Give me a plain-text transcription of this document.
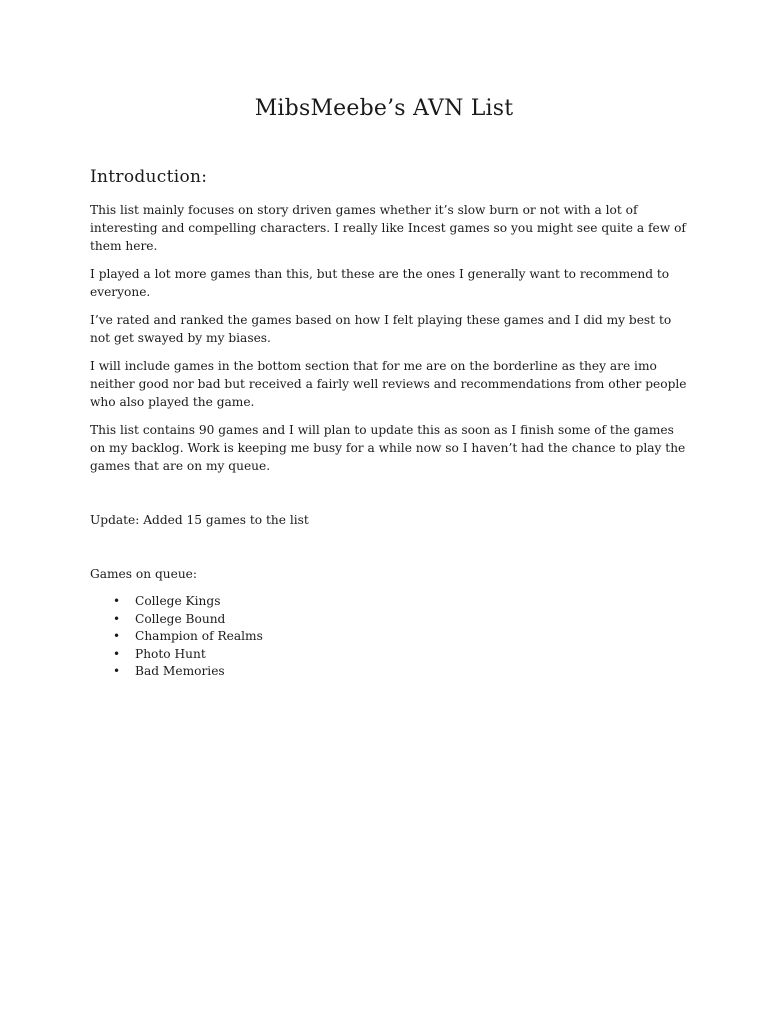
MibsMeebe’s AVN List
Introduction:

This list mainly focuses on story driven games whether it’s slow burn or not with a lot of interesting and compelling characters. I really like Incest games so you might see quite a few of them here.

I played a lot more games than this, but these are the ones I generally want to recommend to everyone.

I’ve rated and ranked the games based on how I felt playing these games and I did my best to not get swayed by my biases.

I will include games in the bottom section that for me are on the borderline as they are imo neither good nor bad but received a fairly well reviews and recommendations from other people who also played the game.

This list contains 90 games and I will plan to update this as soon as I finish some of the games on my backlog. Work is keeping me busy for a while now so I haven’t had the chance to play the games that are on my queue.

Update: Added 15 games to the list

Games on queue:

• College Kings
• College Bound
• Champion of Realms
• Photo Hunt
• Bad Memories
